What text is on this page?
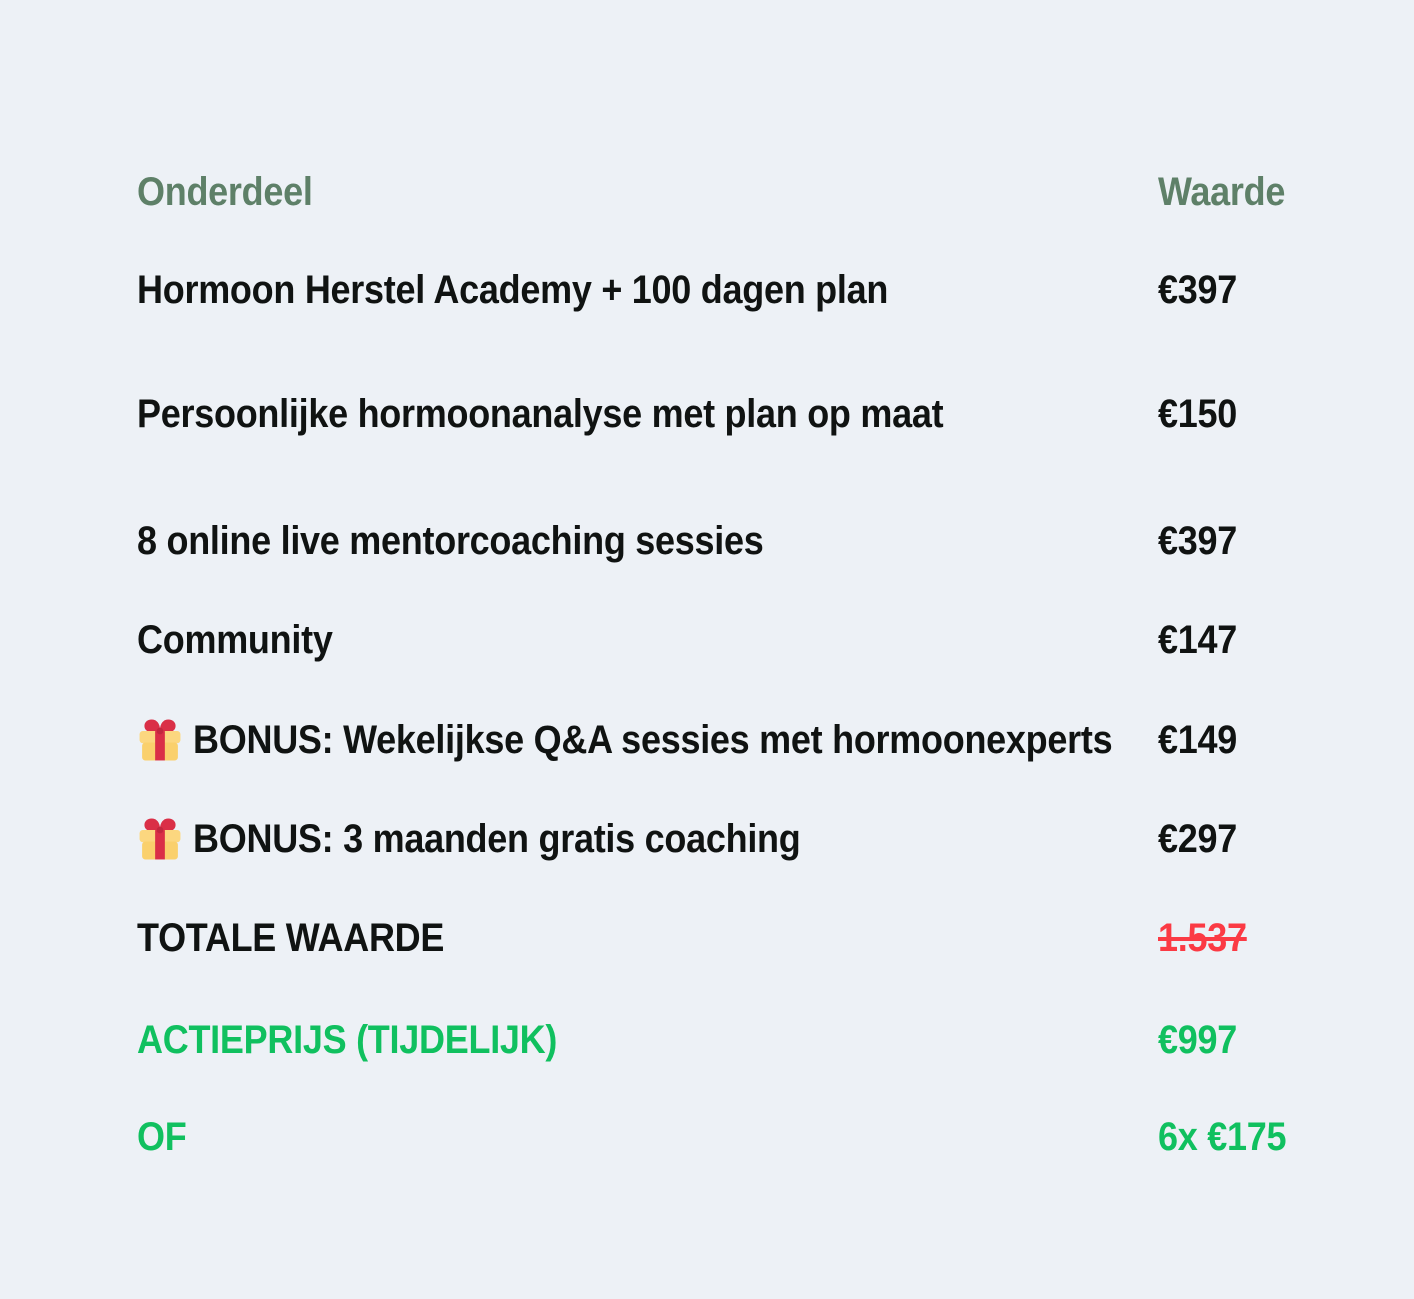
Onderdeel	Waarde
Hormoon Herstel Academy + 100 dagen plan	€397
Persoonlijke hormoonanalyse met plan op maat	€150
8 online live mentorcoaching sessies	€397
Community	€147
BONUS: Wekelijkse Q&A sessies met hormoonexperts €149
BONUS: 3 maanden gratis coaching	€297
TOTALE WAARDE	1.537
ACTIEPRIJS (TIJDELIJK)	€997
OF	6x €175
